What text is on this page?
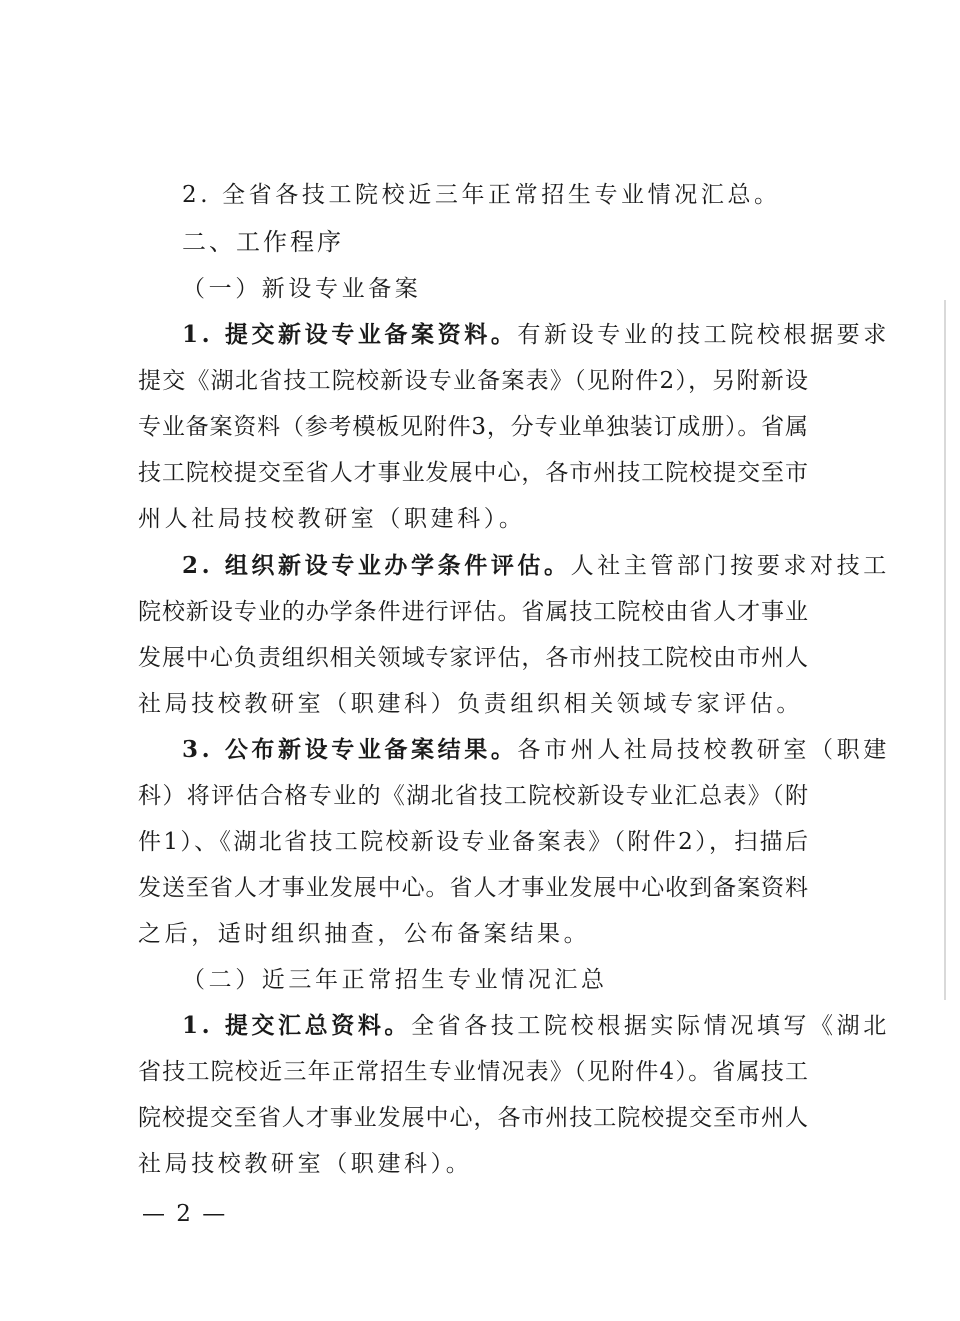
2. 全省各技工院校近三年正常招生专业情况汇总。
二、工作程序
（一）新设专业备案
1. 提交新设专业备案资料。有新设专业的技工院校根据要求
提交《湖北省技工院校新设专业备案表》（见附件2），另附新设
专业备案资料（参考模板见附件3，分专业单独装订成册）。省属
技工院校提交至省人才事业发展中心，各市州技工院校提交至市
州人社局技校教研室（职建科）。
2. 组织新设专业办学条件评估。人社主管部门按要求对技工
院校新设专业的办学条件进行评估。省属技工院校由省人才事业
发展中心负责组织相关领域专家评估，各市州技工院校由市州人
社局技校教研室（职建科）负责组织相关领域专家评估。
3. 公布新设专业备案结果。各市州人社局技校教研室（职建
科）将评估合格专业的《湖北省技工院校新设专业汇总表》（附
件1）、《湖北省技工院校新设专业备案表》（附件2），扫描后
发送至省人才事业发展中心。省人才事业发展中心收到备案资料
之后，适时组织抽查，公布备案结果。
（二）近三年正常招生专业情况汇总
1. 提交汇总资料。全省各技工院校根据实际情况填写《湖北
省技工院校近三年正常招生专业情况表》（见附件4）。省属技工
院校提交至省人才事业发展中心，各市州技工院校提交至市州人
社局技校教研室（职建科）。
— 2 —
